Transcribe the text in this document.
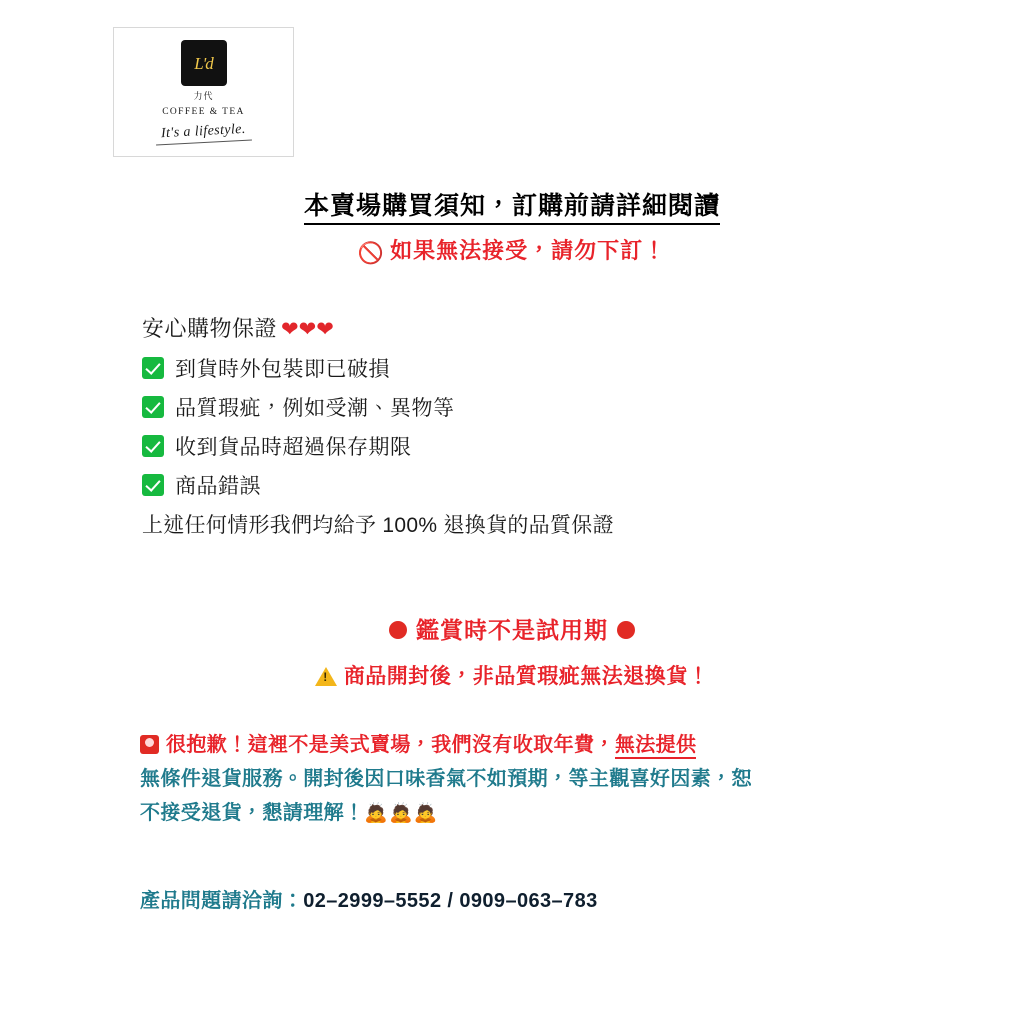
L'd
力代
COFFEE & TEA
It's a lifestyle.
本賣場購買須知，訂購前請詳細閱讀
🚫 如果無法接受，請勿下訂！
安心購物保證 ❤❤❤
到貨時外包裝即已破損
品質瑕疵，例如受潮、異物等
收到貨品時超過保存期限
商品錯誤
上述任何情形我們均給予 100% 退換貨的品質保證
鑑賞時不是試用期
!商品開封後，非品質瑕疵無法退換貨！
很抱歉！這裡不是美式賣場，我們沒有收取年費，無法提供
無條件退貨服務。開封後因口味香氣不如預期，等主觀喜好因素，恕
不接受退貨，懇請理解！🙇🙇🙇
產品問題請洽詢：02–2999–5552 / 0909–063–783
